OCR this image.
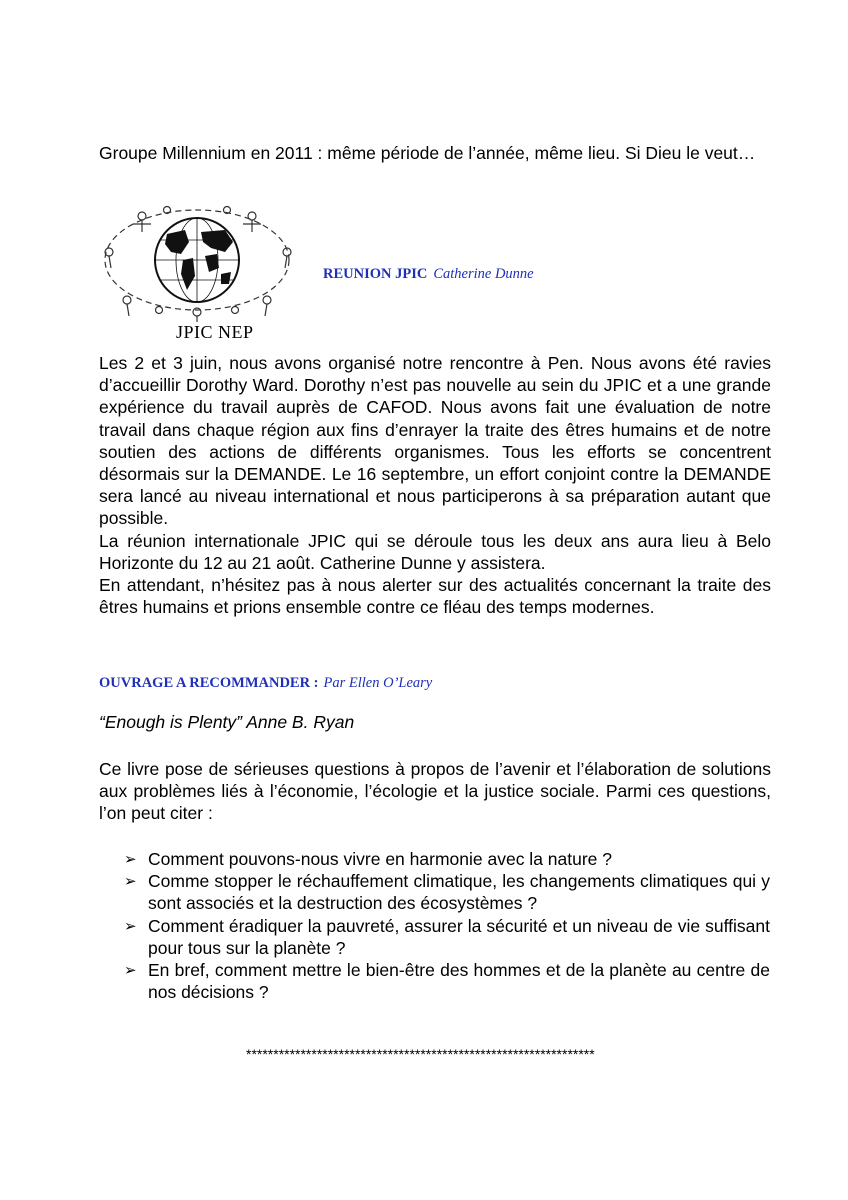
Groupe Millennium en 2011 : même période de l’année, même lieu. Si Dieu le veut…
JPIC NEP
REUNION JPIC Catherine Dunne

Les 2 et 3 juin, nous avons organisé notre rencontre à Pen. Nous avons été ravies d’accueillir Dorothy Ward. Dorothy n’est pas nouvelle au sein du JPIC et a une grande expérience du travail auprès de CAFOD. Nous avons fait une évaluation de notre travail dans chaque région aux fins d’enrayer la traite des êtres humains et de notre soutien des actions de différents organismes. Tous les efforts se concentrent désormais sur la DEMANDE. Le 16 septembre, un effort conjoint contre la DEMANDE sera lancé au niveau international et nous participerons à sa préparation autant que possible.

La réunion internationale JPIC qui se déroule tous les deux ans aura lieu à Belo Horizonte du 12 au 21 août. Catherine Dunne y assistera.

En attendant, n’hésitez pas à nous alerter sur des actualités concernant la traite des êtres humains et prions ensemble contre ce fléau des temps modernes.

OUVRAGE A RECOMMANDER : Par Ellen O’Leary
“Enough is Plenty” Anne B. Ryan
Ce livre pose de sérieuses questions à propos de l’avenir et l’élaboration de solutions aux problèmes liés à l’économie, l’écologie et la justice sociale. Parmi ces questions, l’on peut citer :
➢ Comment pouvons-nous vivre en harmonie avec la nature ?
➢ Comme stopper le réchauffement climatique, les changements climatiques qui y sont associés et la destruction des écosystèmes ?
➢ Comment éradiquer la pauvreté, assurer la sécurité et un niveau de vie suffisant pour tous sur la planète ?
➢ En bref, comment mettre le bien-être des hommes et de la planète au centre de nos décisions ?
****************************************************************
